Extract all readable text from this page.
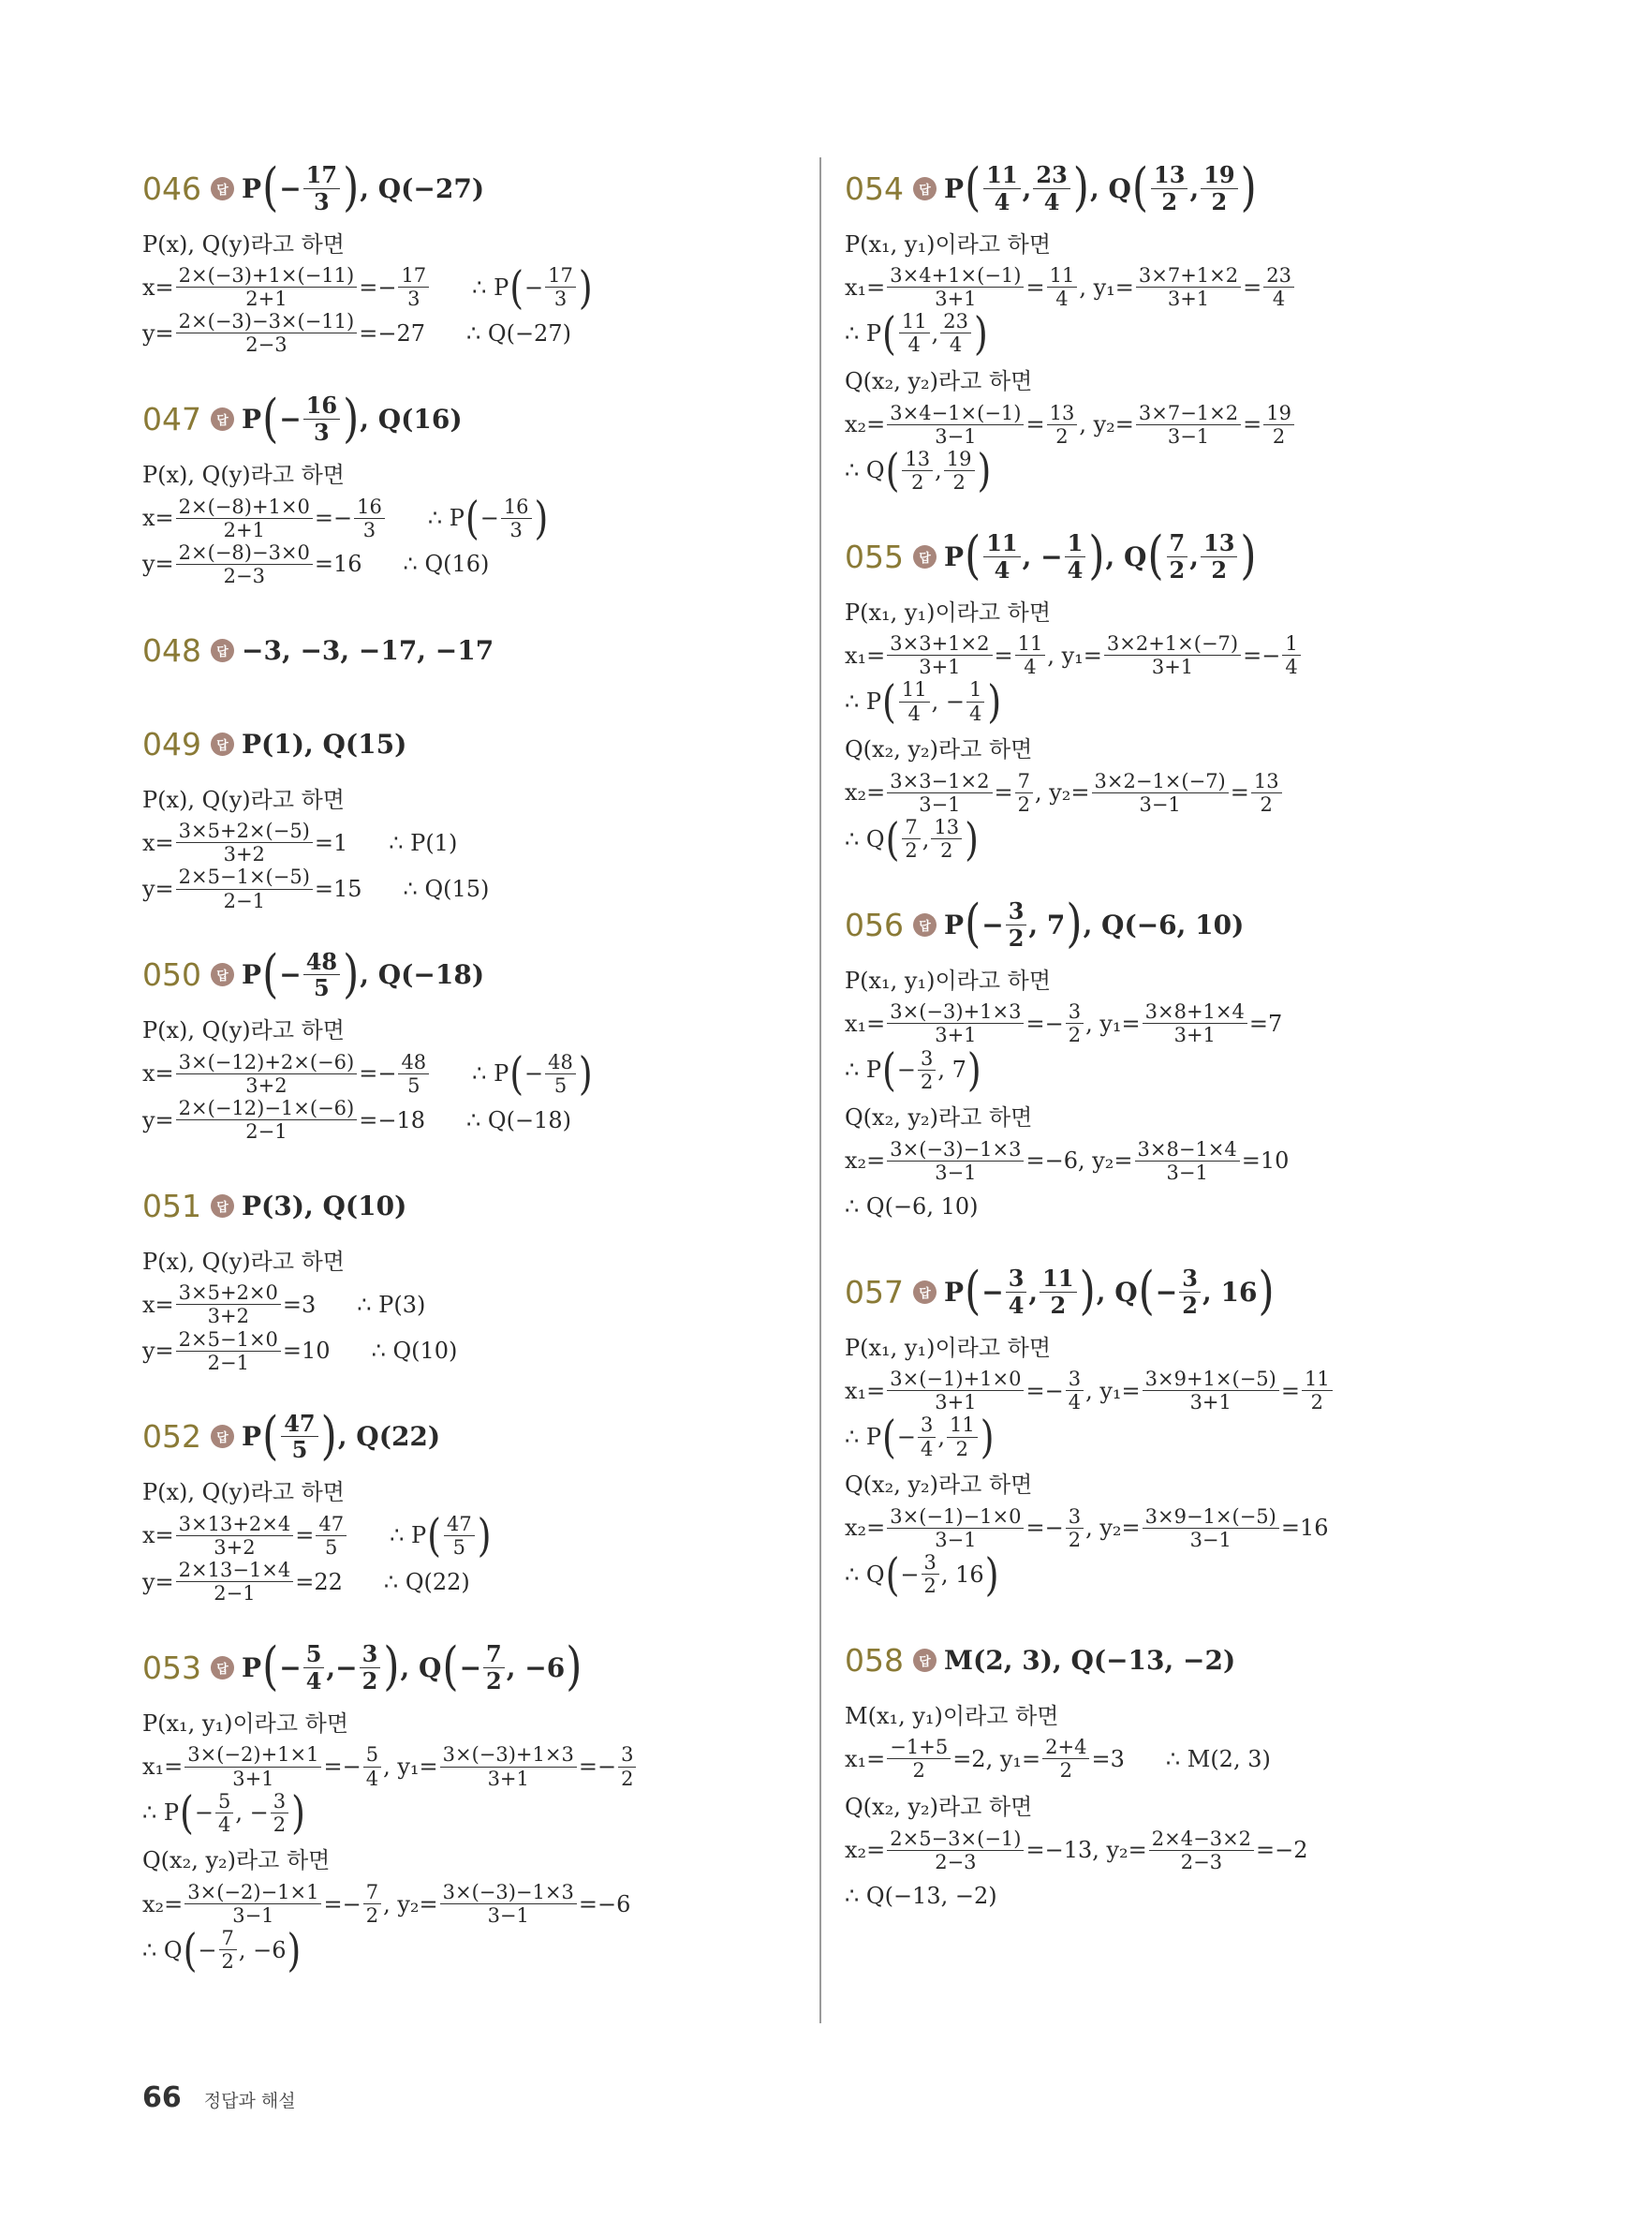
046	답 P ( − $\frac{17}{3}$ ) , Q(−27)
P(x), Q(y)라고 하면
$x= \frac{2\times(-3)+1\times(-11)}{2+1} =- \frac{17}{3}$ ∴ P ( − $\frac{17}{3}$ )
$y= \frac{2\times(-3)-3\times(-11)}{2-3} =-27$ ∴ Q(−27)
047	답 P ( − $\frac{16}{3}$ ) , Q(16)
P(x), Q(y)라고 하면
$x= \frac{2\times(-8)+1\times 0}{2+1} =- \frac{16}{3}$ ∴ P ( − $\frac{16}{3}$ )
$y= \frac{2\times(-8)-3\times 0}{2-3} =16$ ∴ Q(16)
048	답 −3, −3, −17, −17
049	답 P(1), Q(15)
P(x), Q(y)라고 하면
$x= \frac{3\times 5+2\times(-5)}{3+2} =1$ ∴ P(1)
$y= \frac{2\times 5-1\times(-5)}{2-1} =15$ ∴ Q(15)
050	답 P ( − $\frac{48}{5}$ ) , Q(−18)
P(x), Q(y)라고 하면
$x= \frac{3\times(-12)+2\times(-6)}{3+2} =- \frac{48}{5}$ ∴ P ( − $\frac{48}{5}$ )
$y= \frac{2\times(-12)-1\times(-6)}{2-1} =-18$ ∴ Q(−18)
051	답 P(3), Q(10)
P(x), Q(y)라고 하면
$x= \frac{3\times 5+2\times 0}{3+2} =3$ ∴ P(3)
$y= \frac{2\times 5-1\times 0}{2-1} =10$ ∴ Q(10)
052	답 P ( $\frac{47}{5}$ ) , Q(22)
P(x), Q(y)라고 하면
$x= \frac{3\times 13+2\times 4}{3+2} = \frac{47}{5}$ ∴ P ( $\frac{47}{5}$ )
$y= \frac{2\times 13-1\times 4}{2-1} =22$ ∴ Q(22)
053	답 P ( − $\frac{5}{4}$ , − $\frac{3}{2}$ ) , Q ( − $\frac{7}{2}$ , −6 )
P(x₁, y₁)이라고 하면
$x_1= \frac{3\times(-2)+1\times 1}{3+1} =- \frac{5}{4}$ , $y_1= \frac{3\times(-3)+1\times 3}{3+1} =- \frac{3}{2}$
∴ P ( − $\frac{5}{4}$ , − $\frac{3}{2}$ )
Q(x₂, y₂)라고 하면
$x_2= \frac{3\times(-2)-1\times 1}{3-1} =- \frac{7}{2}$ , $y_2= \frac{3\times(-3)-1\times 3}{3-1} =-6$
∴ Q ( − $\frac{7}{2}$ , −6 )
054	답 P ( $\frac{11}{4}$ , $\frac{23}{4}$ ) , Q ( $\frac{13}{2}$ , $\frac{19}{2}$ )
P(x₁, y₁)이라고 하면
$x_1= \frac{3\times 4+1\times(-1)}{3+1} = \frac{11}{4}$ , $y_1= \frac{3\times 7+1\times 2}{3+1} = \frac{23}{4}$
∴ P ( $\frac{11}{4}$ , $\frac{23}{4}$ )
Q(x₂, y₂)라고 하면
$x_2= \frac{3\times 4-1\times(-1)}{3-1} = \frac{13}{2}$ , $y_2= \frac{3\times 7-1\times 2}{3-1} = \frac{19}{2}$
∴ Q ( $\frac{13}{2}$ , $\frac{19}{2}$ )
055	답 P ( $\frac{11}{4}$ , − $\frac{1}{4}$ ) , Q ( $\frac{7}{2}$ , $\frac{13}{2}$ )
P(x₁, y₁)이라고 하면
$x_1= \frac{3\times 3+1\times 2}{3+1} = \frac{11}{4}$ , $y_1= \frac{3\times 2+1\times(-7)}{3+1} =- \frac{1}{4}$
∴ P ( $\frac{11}{4}$ , − $\frac{1}{4}$ )
Q(x₂, y₂)라고 하면
$x_2= \frac{3\times 3-1\times 2}{3-1} = \frac{7}{2}$ , $y_2= \frac{3\times 2-1\times(-7)}{3-1} = \frac{13}{2}$
∴ Q ( $\frac{7}{2}$ , $\frac{13}{2}$ )
056	답 P ( − $\frac{3}{2}$ , 7 ) , Q(−6, 10)
P(x₁, y₁)이라고 하면
$x_1= \frac{3\times(-3)+1\times 3}{3+1} =- \frac{3}{2}$ , $y_1= \frac{3\times 8+1\times 4}{3+1} =7$
∴ P ( − $\frac{3}{2}$ , 7 )
Q(x₂, y₂)라고 하면
$x_2= \frac{3\times(-3)-1\times 3}{3-1} =-6$, $y_2= \frac{3\times 8-1\times 4}{3-1} =10$
∴ Q(−6, 10)
057	답 P ( − $\frac{3}{4}$ , $\frac{11}{2}$ ) , Q ( − $\frac{3}{2}$ , 16 )
P(x₁, y₁)이라고 하면
$x_1= \frac{3\times(-1)+1\times 0}{3+1} =- \frac{3}{4}$ , $y_1= \frac{3\times 9+1\times(-5)}{3+1} = \frac{11}{2}$
∴ P ( − $\frac{3}{4}$ , $\frac{11}{2}$ )
Q(x₂, y₂)라고 하면
$x_2= \frac{3\times(-1)-1\times 0}{3-1} =- \frac{3}{2}$ , $y_2= \frac{3\times 9-1\times(-5)}{3-1} =16$
∴ Q ( − $\frac{3}{2}$ , 16 )
058	답 M(2, 3), Q(−13, −2)
M(x₁, y₁)이라고 하면
$x_1= \frac{-1+5}{2} =2$, $y_1= \frac{2+4}{2} =3$ ∴ M(2, 3)
Q(x₂, y₂)라고 하면
$x_2= \frac{2\times 5-3\times(-1)}{2-3} =-13$, $y_2= \frac{2\times 4-3\times 2}{2-3} =-2$
∴ Q(−13, −2)
66 정답과 해설
